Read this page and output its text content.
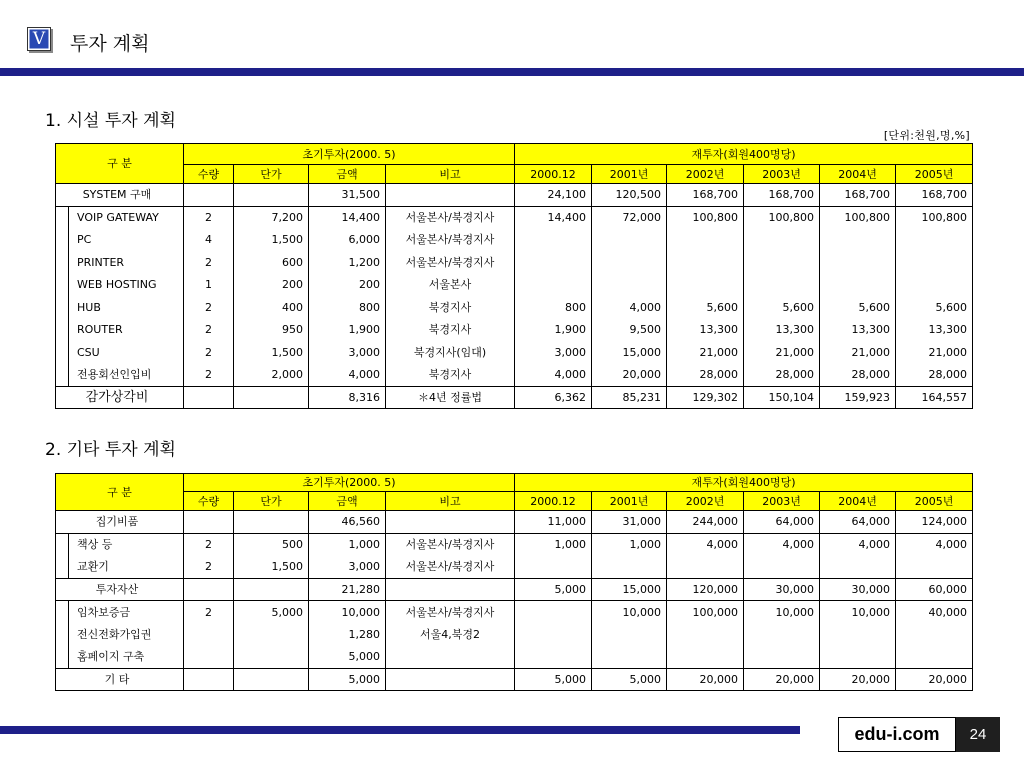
V	투자 계획
1. 시설 투자 계획
[단위:천원,명,%]
구 분		초기투자(2000. 5)				재투자(회원400명당)					
		수량	단가	금액	비고	2000.12	2001년	2002년	2003년	2004년	2005년
SYSTEM 구매				31,500		24,100	120,500	168,700	168,700	168,700	168,700
	VOIP GATEWAY	2	7,200	14,400	서울본사/북경지사	14,400	72,000	100,800	100,800	100,800	100,800
	PC	4	1,500	6,000	서울본사/북경지사						
	PRINTER	2	600	1,200	서울본사/북경지사						
	WEB HOSTING	1	200	200	서울본사						
	HUB	2	400	800	북경지사	800	4,000	5,600	5,600	5,600	5,600
	ROUTER	2	950	1,900	북경지사	1,900	9,500	13,300	13,300	13,300	13,300
	CSU	2	1,500	3,000	북경지사(임대)	3,000	15,000	21,000	21,000	21,000	21,000
	전용회선인입비	2	2,000	4,000	북경지사	4,000	20,000	28,000	28,000	28,000	28,000
감가상각비				8,316	＊4년 정률법	6,362	85,231	129,302	150,104	159,923	164,557
2. 기타 투자 계획
구 분		초기투자(2000. 5)				재투자(회원400명당)					
		수량	단가	금액	비고	2000.12	2001년	2002년	2003년	2004년	2005년
집기비품				46,560		11,000	31,000	244,000	64,000	64,000	124,000
	책상 등	2	500	1,000	서울본사/북경지사	1,000	1,000	4,000	4,000	4,000	4,000
	교환기	2	1,500	3,000	서울본사/북경지사						
투자자산				21,280		5,000	15,000	120,000	30,000	30,000	60,000
	임차보증금	2	5,000	10,000	서울본사/북경지사		10,000	100,000	10,000	10,000	40,000
	전신전화가입권			1,280	서울4,북경2						
	홈페이지 구축			5,000							
기 타				5,000		5,000	5,000	20,000	20,000	20,000	20,000
edu-i.com	24
